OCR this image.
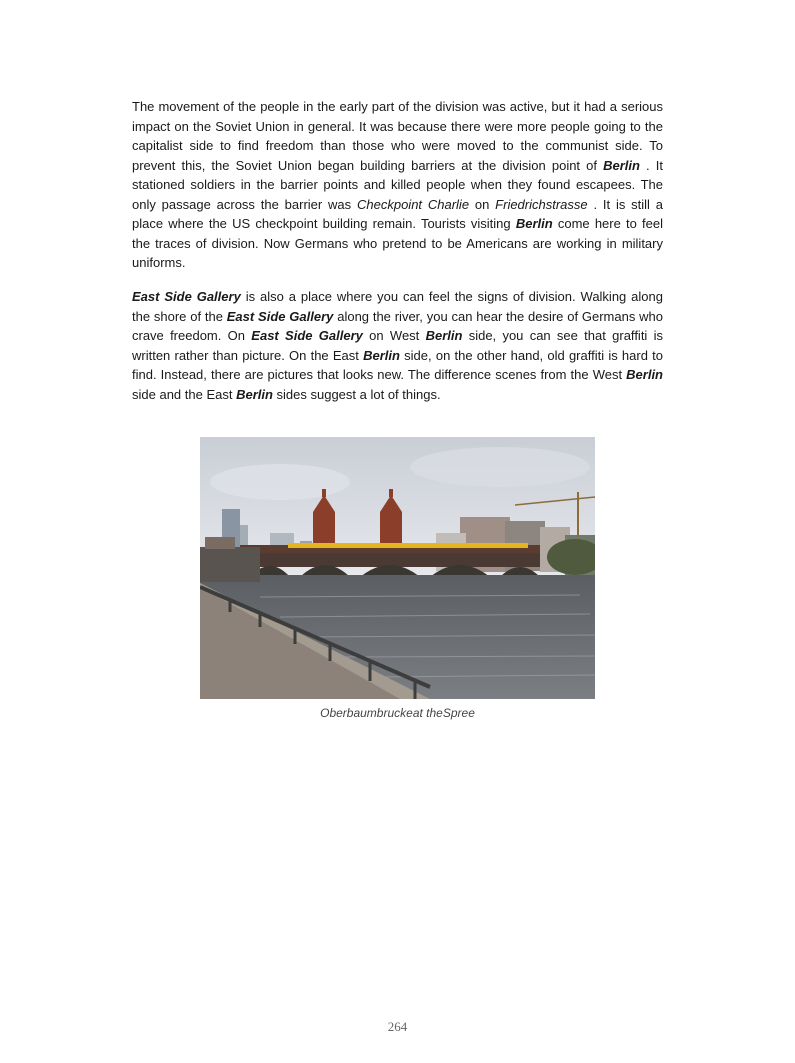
The movement of the people in the early part of the division was active, but it had a serious impact on the Soviet Union in general. It was because there were more people going to the capitalist side to find freedom than those who were moved to the communist side. To prevent this, the Soviet Union began building barriers at the division point of Berlin . It stationed soldiers in the barrier points and killed people when they found escapees. The only passage across the barrier was Checkpoint Charlie on Friedrichstrasse . It is still a place where the US checkpoint building remain. Tourists visiting Berlin come here to feel the traces of division. Now Germans who pretend to be Americans are working in military uniforms.

East Side Gallery is also a place where you can feel the signs of division. Walking along the shore of the East Side Gallery along the river, you can hear the desire of Germans who crave freedom. On East Side Gallery on West Berlin side, you can see that graffiti is written rather than picture. On the East Berlin side, on the other hand, old graffiti is hard to find. Instead, there are pictures that looks new. The difference scenes from the West Berlin side and the East Berlin sides suggest a lot of things.

Oberbaumbruckeat theSpree
264
